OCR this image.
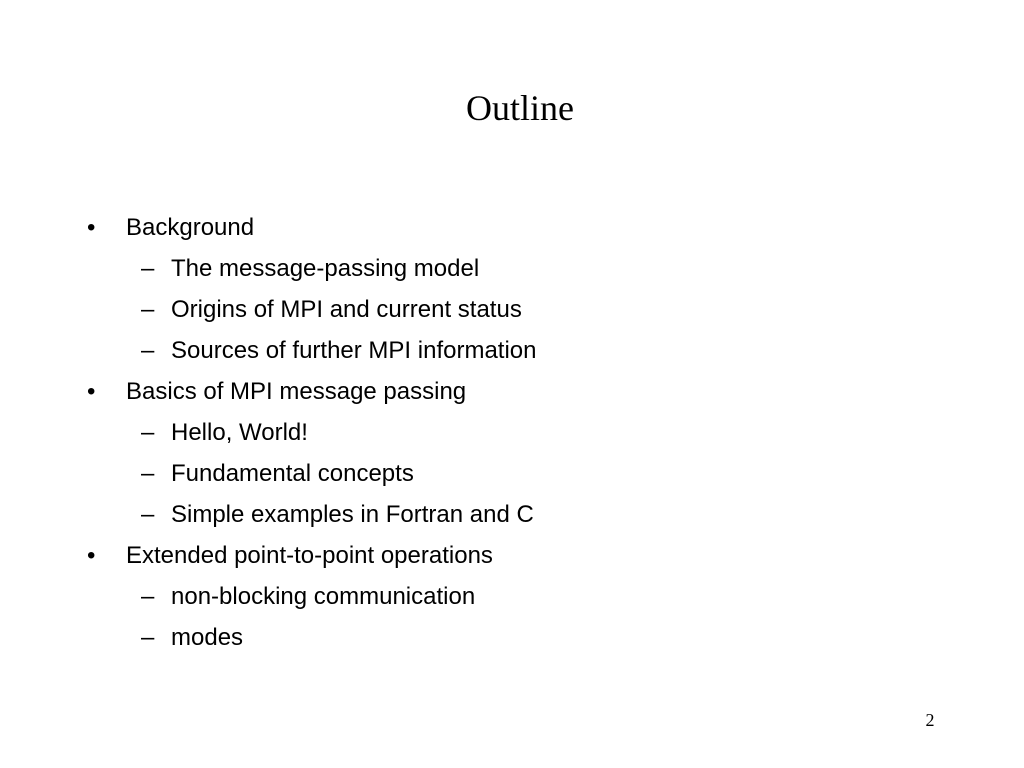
Outline
• Background
– The message-passing model
– Origins of MPI and current status
– Sources of further MPI information
• Basics of MPI message passing
– Hello, World!
– Fundamental concepts
– Simple examples in Fortran and C
• Extended point-to-point operations
– non-blocking communication
– modes
2
